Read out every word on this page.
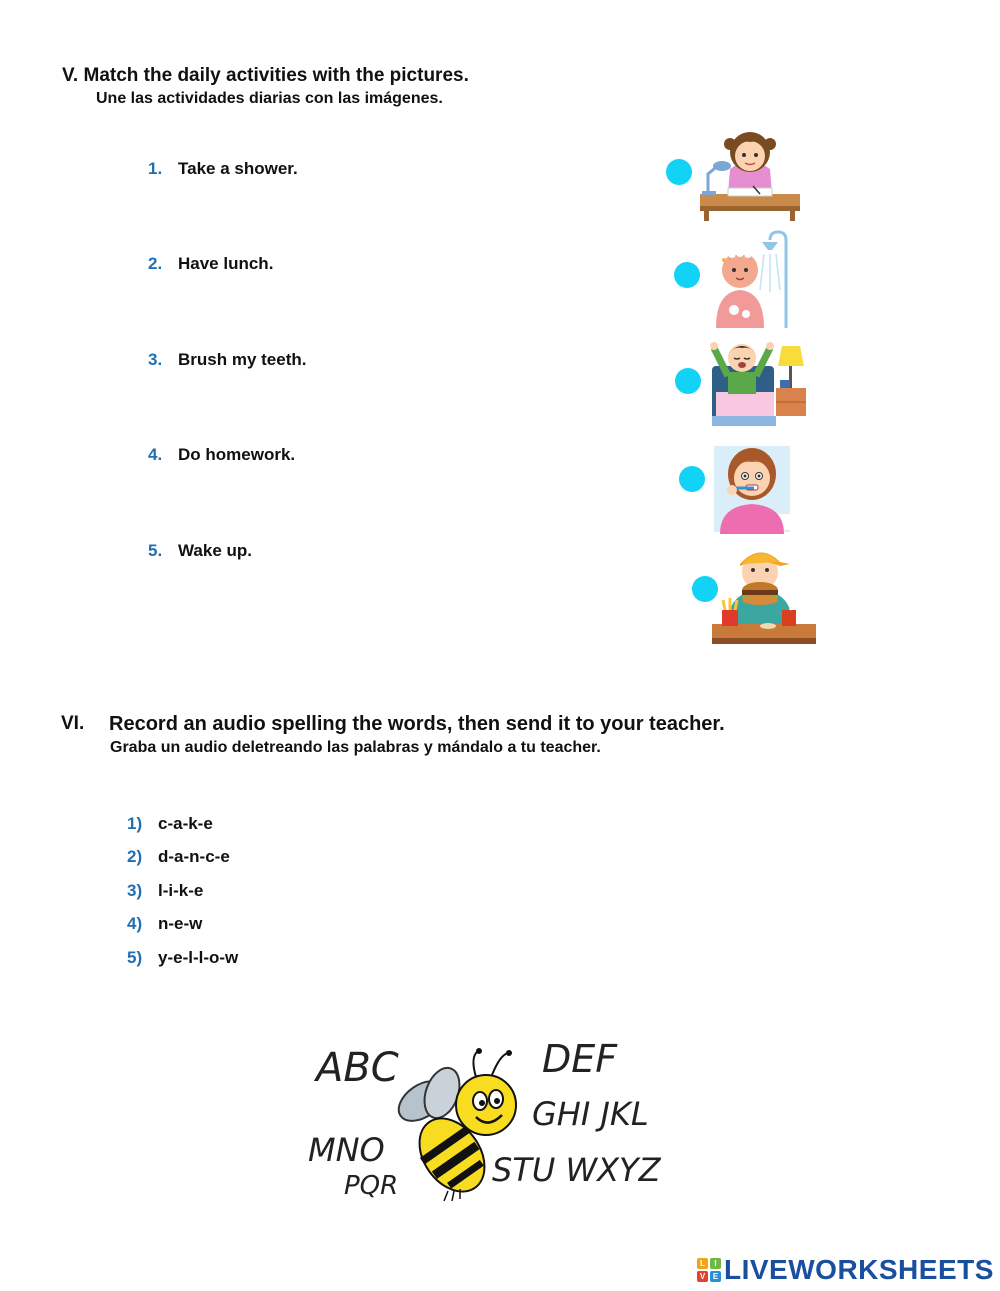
V. Match the daily activities with the pictures.
Une las actividades diarias con las imágenes.
1. Take a shower.
2. Have lunch.
3. Brush my teeth.
4. Do homework.
5. Wake up.
VI. Record an audio spelling the words, then send it to your teacher.
Graba un audio deletreando las palabras y mándalo a tu teacher.
1) c-a-k-e
2) d-a-n-c-e
3) l-i-k-e
4) n-e-w
5) y-e-l-l-o-w
ABC	DEF
GHI JKL
MNO
PQR	STU WXYZ
L	I
V E LIVEWORKSHEETS
